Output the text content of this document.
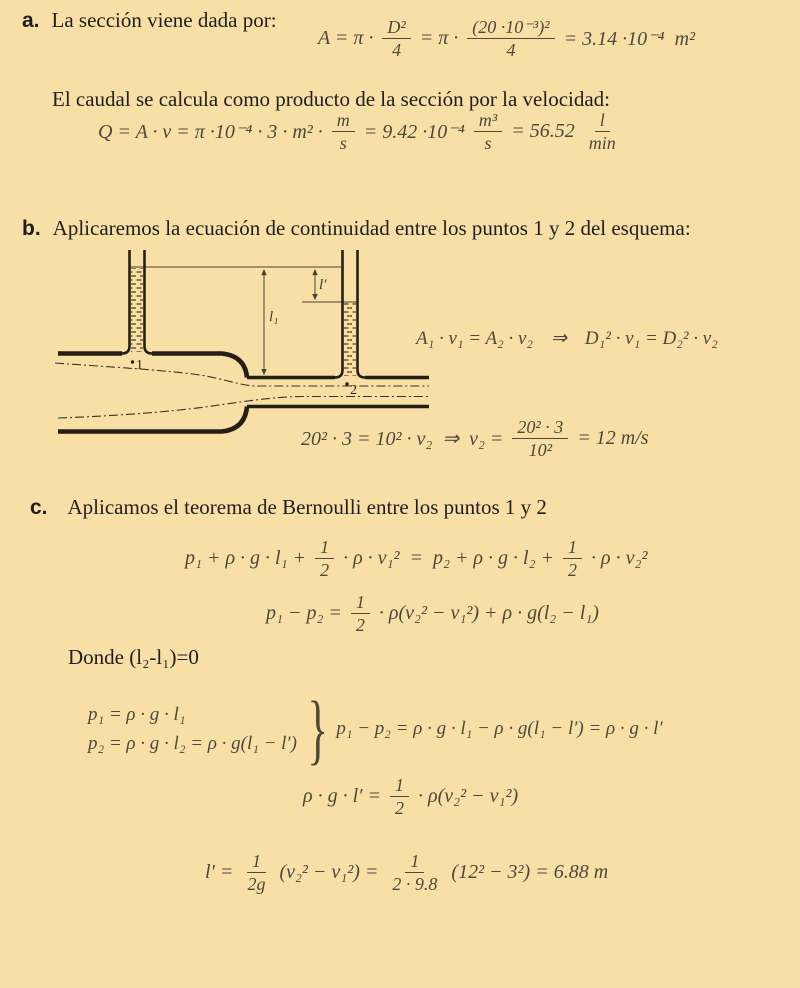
a. La sección viene dada por:
$A = \pi \cdot \frac{\text{D²}}{4} = \pi \cdot \frac{\text{(20 ·10⁻³)²}}{4} = 3.14 \cdot 10^{-4}$  m²
El caudal se calcula como producto de la sección por la velocidad:
$Q = A \cdot v = \pi \cdot 10^{-4} \cdot 3 \cdot m^2 \cdot \frac{m}{s} = 9.42 \cdot 10^{-4} \frac{\text{m³}}{s} = 56.52 \frac{l}{\min}$
b. Aplicaremos la ecuación de continuidad entre los puntos 1 y 2 del esquema:
1
2
l′
l₁
A₁ · v₁ = A₂ · v₂ ⇒ D₁² · v₁ = D₂² · v₂
20² · 3 = 10² · v₂  ⇒  $v_2 = \frac{\text{20² · 3}}{\text{10²}} = 12$ m/s
c. Aplicamos el teorema de Bernoulli entre los puntos 1 y 2
$p_1 + \rho \cdot g \cdot l_1 + \frac{1}{2} \cdot \rho \cdot v_1^2 = p_2 + \rho \cdot g \cdot l_2 + \frac{1}{2} \cdot \rho \cdot v_2^2$
$p_1 - p_2 = \frac{1}{2} \cdot \rho(v_2^2 - v_1^2) + \rho \cdot g(l_2 - l_1)$
Donde (l₂-l₁)=0
p₁ = ρ · g · l₁
p₂ = ρ · g · l₂ = ρ · g(l₁ − l′) } p₁ − p₂ = ρ · g · l₁ − ρ · g(l₁ − l′) = ρ · g · l′
$\rho \cdot g \cdot l' = \frac{1}{2} \cdot \rho(v_2^2 - v_1^2)$
$l' = \frac{1}{2g} (v_2^2 - v_1^2) = \frac{1}{2 \cdot 9.8} (12^2 - 3^2) = 6.88$ m
